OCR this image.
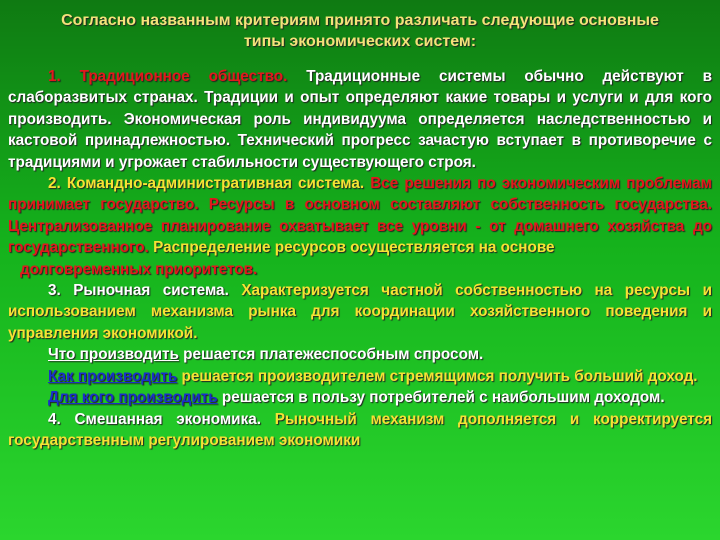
Согласно названным критериям принято различать следующие основные
типы экономических систем:

1. Традиционное общество. Традиционные системы обычно действуют в слаборазвитых странах. Традиции и опыт определяют какие товары и услуги и для кого производить. Экономическая роль индивидуума определяется наследственностью и кастовой принадлежностью. Технический прогресс зачастую вступает в противоречие с традициями и угрожает стабильности существующего строя.

2. Командно-административная система. Все решения по экономическим проблемам принимает государство. Ресурсы в основном составляют собственность государства. Централизованное планирование охватывает все уровни - от домашнего хозяйства до государственного. Распределение ресурсов осуществляется на основе

долговременных приоритетов.

3. Рыночная система. Характеризуется частной собственностью на ресурсы и использованием механизма рынка для координации хозяйственного поведения и управления экономикой.

Что производить решается платежеспособным спросом.

Как производить решается производителем стремящимся получить больший доход.

Для кого производить решается в пользу потребителей с наибольшим доходом.

4. Смешанная экономика. Рыночный механизм дополняется и корректируется государственным регулированием экономики
